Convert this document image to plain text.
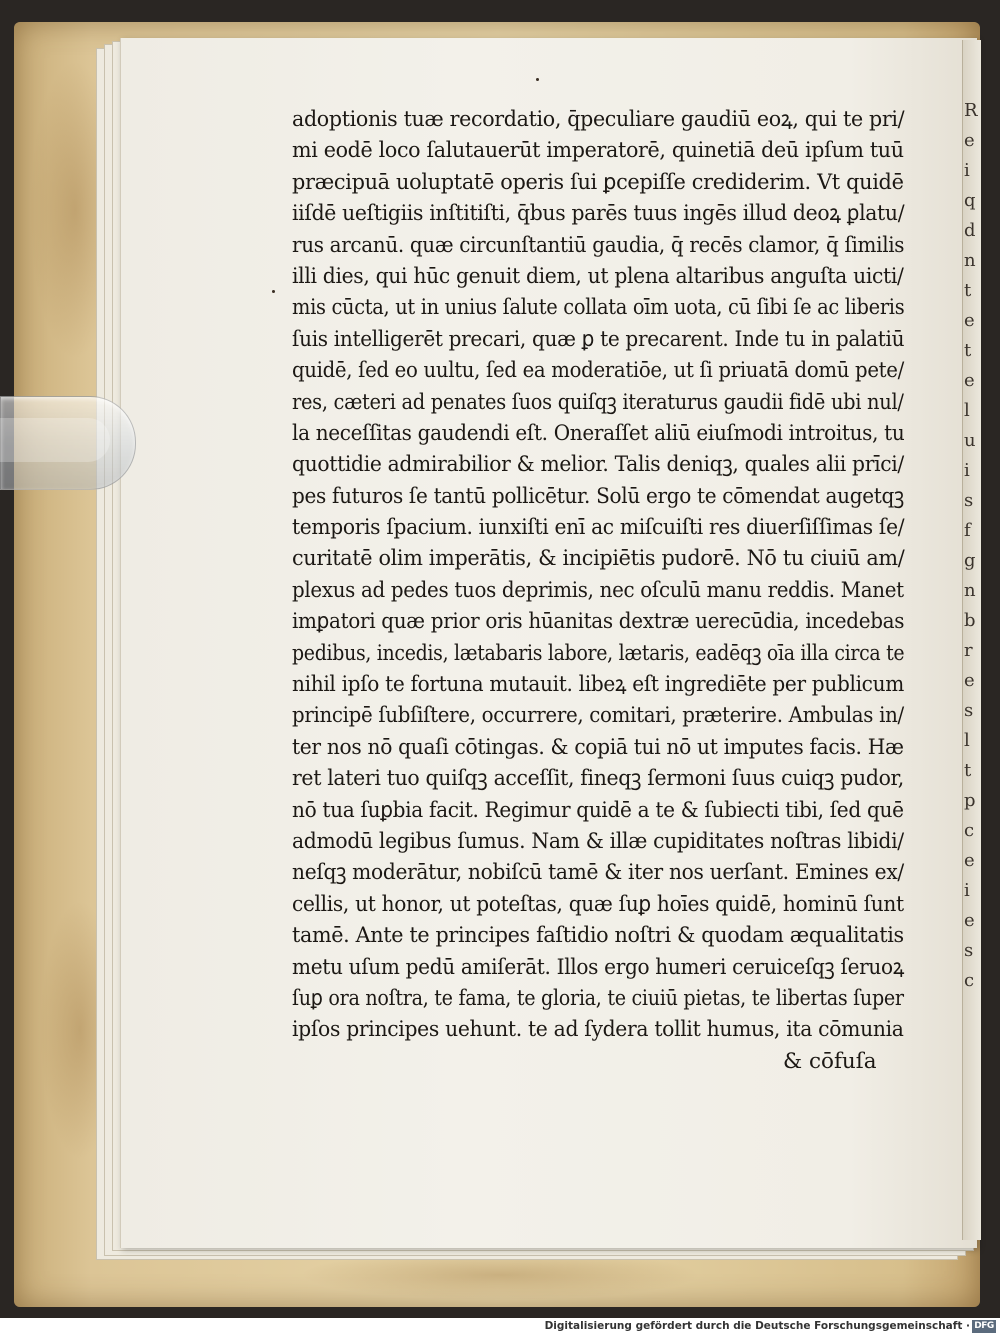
R
e
i
q
d
n
t
e
t
e
l
u
i
s
f
g
n
b
r
e
s
l
t
p
c
e
i
e
s
c
adoptionis tuæ recordatio, q̄peculiare gaudiū eoꝝ, qui te pri/
mi eodē loco ſalutauerūt imperatorē, quinetiā deū ipſum tuū
præcipuā uoluptatē operis ſui ꝑcepiſſe crediderim. Vt quidē
iiſdē ueſtigiis inſtitiſti, q̄bus parēs tuus ingēs illud deoꝝ ꝑlatu/
rus arcanū. quæ circunſtantiū gaudia, q̄ recēs clamor, q̄ ſimilis
illi dies, qui hūc genuit diem, ut plena altaribus anguſta uicti/
mis cūcta, ut in unius ſalute collata oīm uota, cū ſibi ſe ac liberis
ſuis intelligerēt precari, quæ ꝑ te precarent. Inde tu in palatiū
quidē, ſed eo uultu, ſed ea moderatiōe, ut ſi priuatā domū pete/
res, cæteri ad penates ſuos quiſqꝫ iteraturus gaudii fidē ubi nul/
la neceſſitas gaudendi eſt. Oneraſſet aliū eiuſmodi introitus, tu
quottidie admirabilior & melior. Talis deniqꝫ, quales alii prīci/
pes futuros ſe tantū pollicētur. Solū ergo te cōmendat augetqꝫ
temporis ſpacium. iunxiſti enī ac miſcuiſti res diuerſiſſimas ſe/
curitatē olim imperātis, & incipiētis pudorē. Nō tu ciuiū am/
plexus ad pedes tuos deprimis, nec oſculū manu reddis. Manet
imꝑatori quæ prior oris hūanitas dextræ uerecūdia, incedebas
pedibus, incedis, lætabaris labore, lætaris, eadēqꝫ oīa illa circa te
nihil ipſo te fortuna mutauit. libeꝝ eſt ingrediēte per publicum
principē ſubſiſtere, occurrere, comitari, præterire. Ambulas in/
ter nos nō quaſi cōtingas. & copiā tui nō ut imputes facis. Hæ
ret lateri tuo quiſqꝫ acceſſit, fineqꝫ ſermoni ſuus cuiqꝫ pudor,
nō tua ſuꝑbia facit. Regimur quidē a te & ſubiecti tibi, ſed quē
admodū legibus ſumus. Nam & illæ cupiditates noſtras libidi/
neſqꝫ moderātur, nobiſcū tamē & iter nos uerſant. Emines ex/
cellis, ut honor, ut poteſtas, quæ ſuꝑ hoīes quidē, hominū ſunt
tamē. Ante te principes faſtidio noſtri & quodam æqualitatis
metu uſum pedū amiſerāt. Illos ergo humeri ceruiceſqꝫ ſeruoꝝ
ſuꝑ ora noſtra, te fama, te gloria, te ciuiū pietas, te libertas ſuper
ipſos principes uehunt. te ad ſydera tollit humus, ita cōmunia
& cōfuſa
Digitalisierung gefördert durch die Deutsche Forschungsgemeinschaft · DFG
